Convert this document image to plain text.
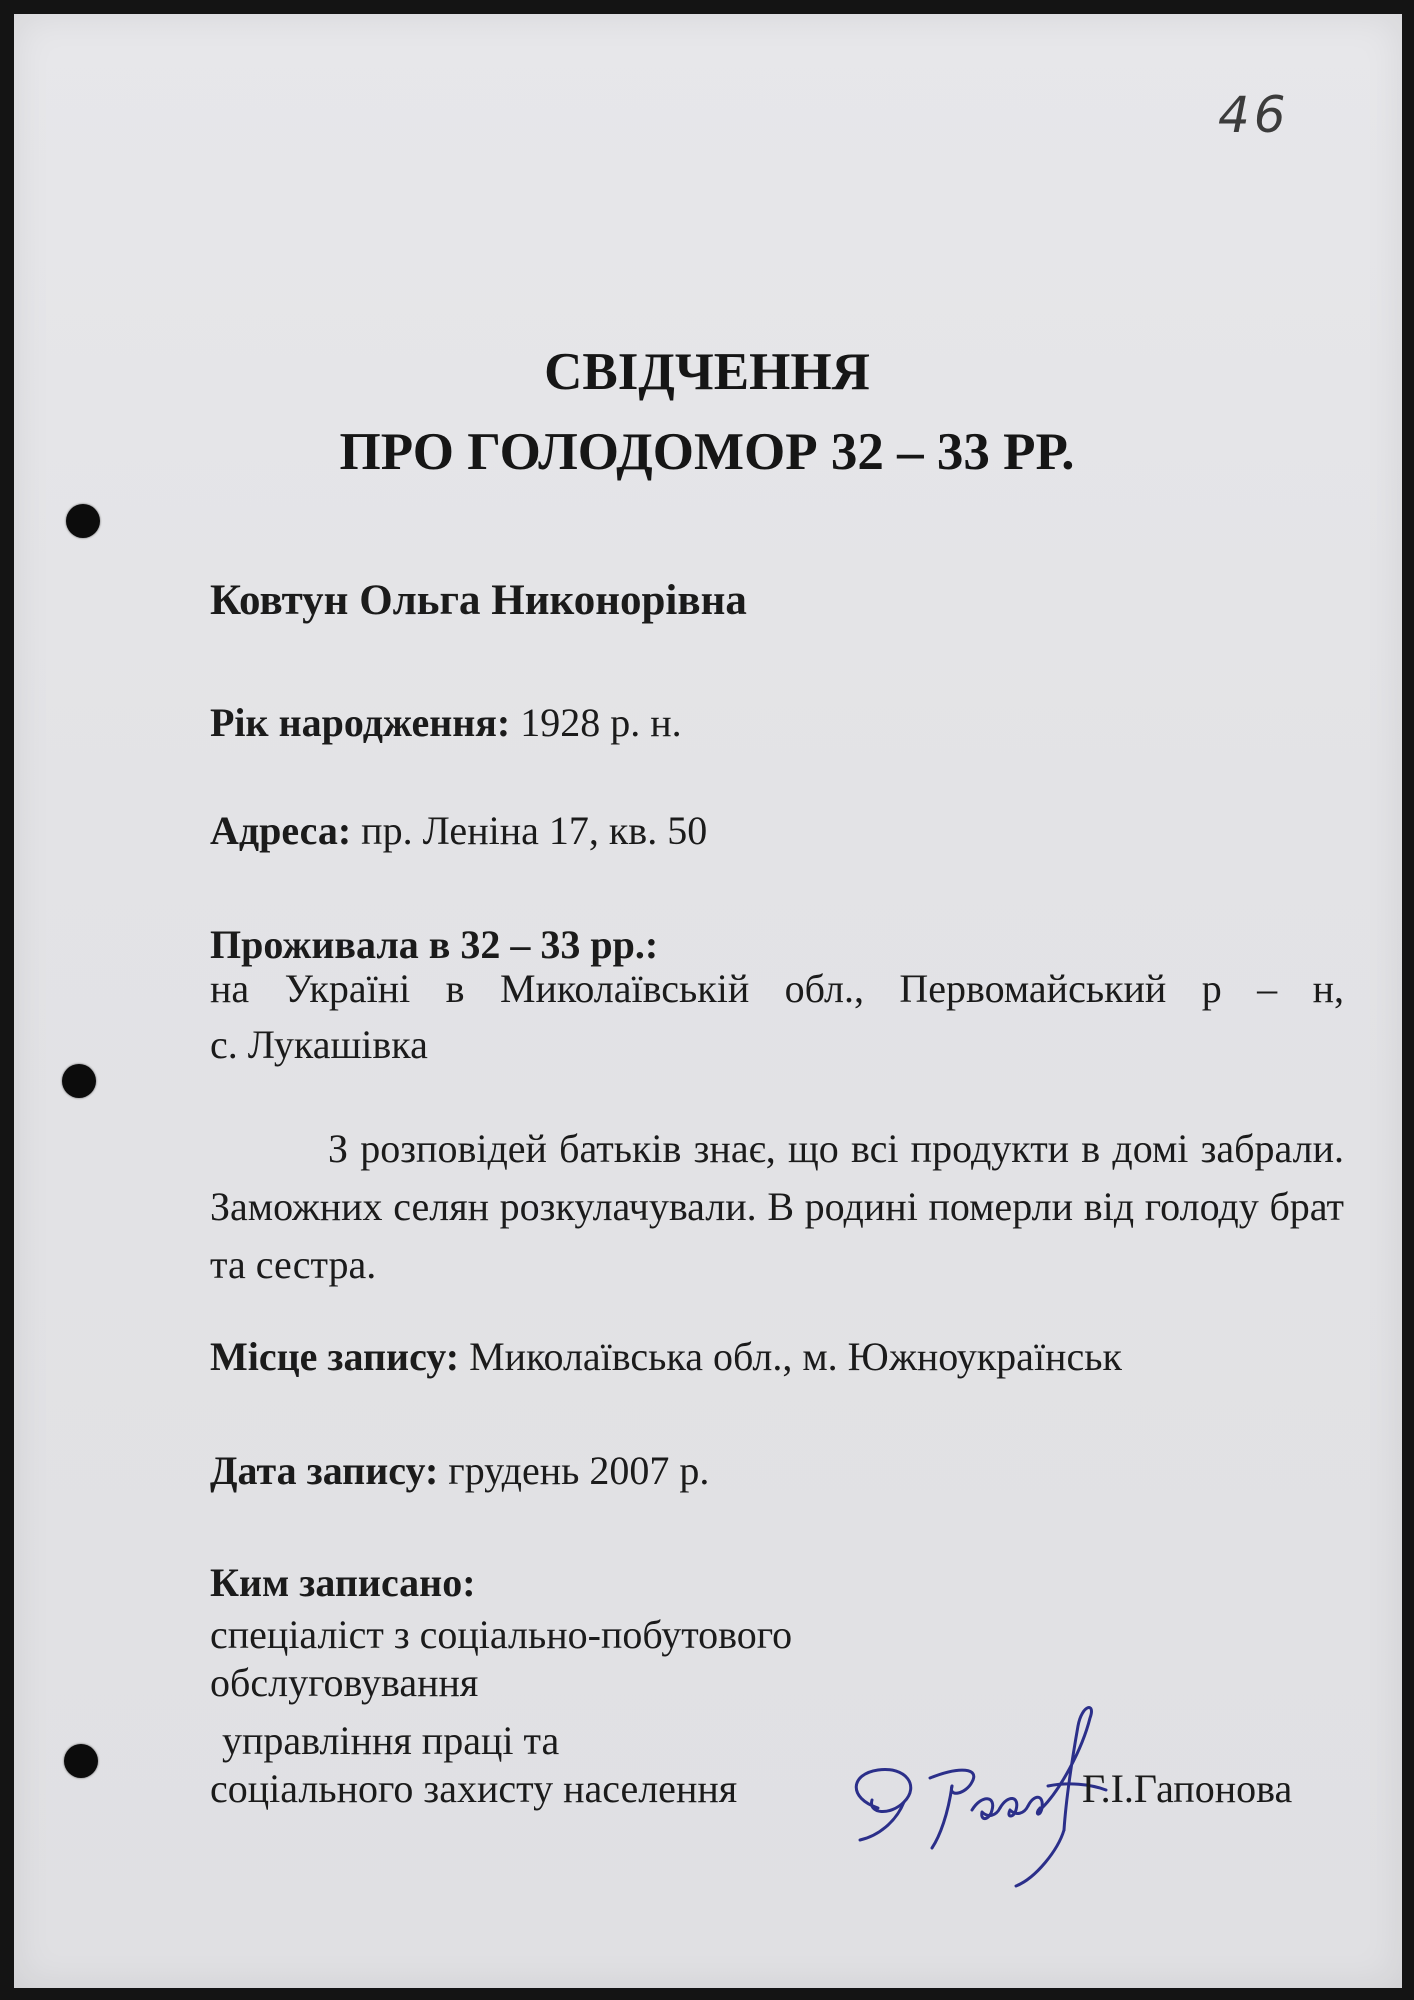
46
СВІДЧЕННЯ
ПРО ГОЛОДОМОР 32 – 33 РР.
Ковтун Ольга Никонорівна
Рік народження: 1928 р. н.
Адреса: пр. Леніна 17, кв. 50
Проживала в 32 – 33 рр.:
на Україні в Миколаївській обл., Первомайський р – н,
с. Лукашівка
З розповідей батьків знає, що всі продукти в домі забрали. Заможних селян розкулачували. В родині померли від голоду брат та сестра.
Місце запису: Миколаївська обл., м. Южноукраїнськ
Дата запису: грудень 2007 р.
Ким записано:
спеціаліст з соціально-побутового
обслуговування
управління праці та
соціального захисту населення	Г.І.Гапонова
